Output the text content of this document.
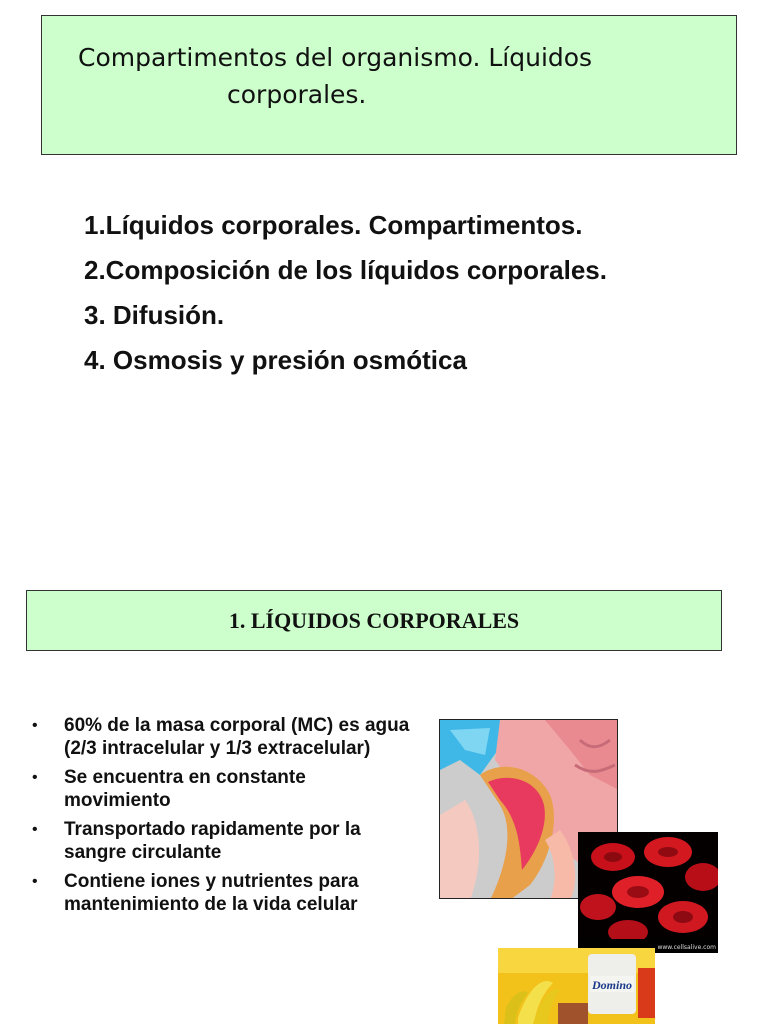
Compartimentos del organismo. Líquidos
corporales.
1.Líquidos corporales. Compartimentos.
2.Composición de los líquidos corporales.
3. Difusión.
4. Osmosis y presión osmótica
1. LÍQUIDOS CORPORALES
• 60% de la masa corporal (MC) es agua (2/3 intracelular y 1/3 extracelular)
• Se encuentra en constante movimiento
• Transportado rapidamente por la sangre circulante
• Contiene iones y nutrientes para mantenimiento de la vida celular
www.cellsalive.com
Domino
